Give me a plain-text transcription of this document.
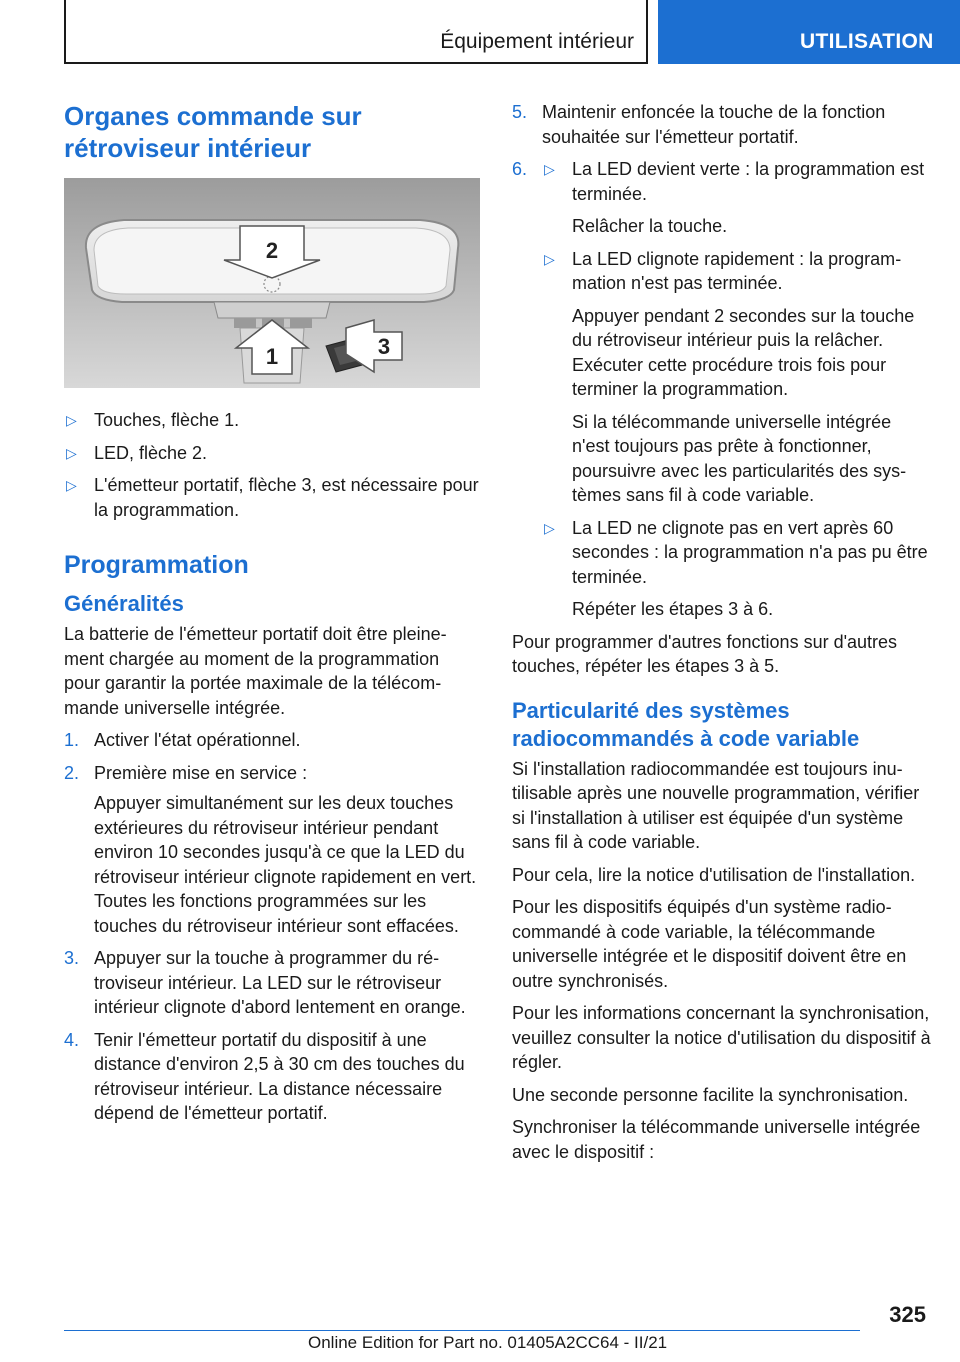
Équipement intérieur	UTILISATION
Organes commande sur rétroviseur intérieur
2
1	3
▷ Touches, flèche 1.
▷ LED, flèche 2.
▷ L'émetteur portatif, flèche 3, est nécessaire pour la programmation.
Programmation
Généralités

La batterie de l'émetteur portatif doit être pleinement chargée au moment de la programmation pour garantir la portée maximale de la télécommande universelle intégrée.

1. Activer l'état opérationnel.
2. Première mise en service :
Appuyer simultanément sur les deux touches extérieures du rétroviseur intérieur pendant environ 10 secondes jusqu'à ce que la LED du rétroviseur intérieur clignote rapidement en vert. Toutes les fonctions programmées sur les touches du rétroviseur intérieur sont effacées.
3. Appuyer sur la touche à programmer du rétroviseur intérieur. La LED sur le rétroviseur intérieur clignote d'abord lentement en orange.
4. Tenir l'émetteur portatif du dispositif à une distance d'environ 2,5 à 30 cm des touches du rétroviseur intérieur. La distance nécessaire dépend de l'émetteur portatif.
5. Maintenir enfoncée la touche de la fonction souhaitée sur l'émetteur portatif.
6. ▷ La LED devient verte : la programmation est terminée.
Relâcher la touche.
▷ La LED clignote rapidement : la programmation n'est pas terminée.
Appuyer pendant 2 secondes sur la touche du rétroviseur intérieur puis la relâcher. Exécuter cette procédure trois fois pour terminer la programmation.
Si la télécommande universelle intégrée n'est toujours pas prête à fonctionner, poursuivre avec les particularités des systèmes sans fil à code variable.
▷ La LED ne clignote pas en vert après 60 secondes : la programmation n'a pas pu être terminée.
Répéter les étapes 3 à 6.

Pour programmer d'autres fonctions sur d'autres touches, répéter les étapes 3 à 5.

Particularité des systèmes radiocommandés à code variable

Si l'installation radiocommandée est toujours inutilisable après une nouvelle programmation, vérifier si l'installation à utiliser est équipée d'un système sans fil à code variable.

Pour cela, lire la notice d'utilisation de l'installation.

Pour les dispositifs équipés d'un système radiocommandé à code variable, la télécommande universelle intégrée et le dispositif doivent être en outre synchronisés.

Pour les informations concernant la synchronisation, veuillez consulter la notice d'utilisation du dispositif à régler.

Une seconde personne facilite la synchronisation.

Synchroniser la télécommande universelle intégrée avec le dispositif :

325
Online Edition for Part no. 01405A2CC64 - II/21
